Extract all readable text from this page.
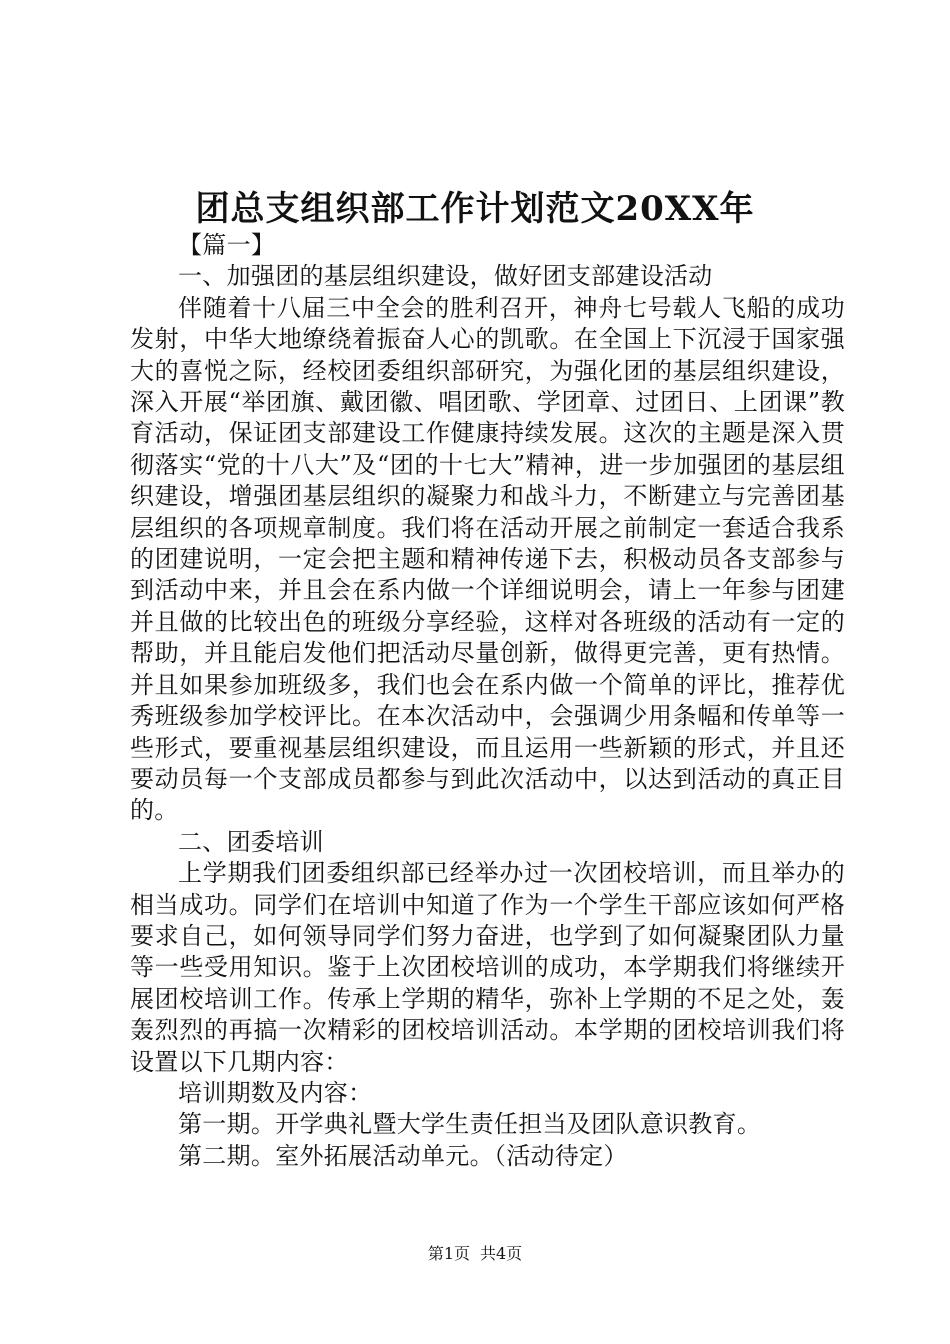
团总支组织部工作计划范文20XX年

【篇一】

一、加强团的基层组织建设，做好团支部建设活动

伴随着十八届三中全会的胜利召开，神舟七号载人飞船的成功发射，中华大地缭绕着振奋人心的凯歌。在全国上下沉浸于国家强大的喜悦之际，经校团委组织部研究，为强化团的基层组织建设，深入开展“举团旗、戴团徽、唱团歌、学团章、过团日、上团课”教育活动，保证团支部建设工作健康持续发展。这次的主题是深入贯彻落实“党的十八大”及“团的十七大”精神，进一步加强团的基层组织建设，增强团基层组织的凝聚力和战斗力，不断建立与完善团基层组织的各项规章制度。我们将在活动开展之前制定一套适合我系的团建说明，一定会把主题和精神传递下去，积极动员各支部参与到活动中来，并且会在系内做一个详细说明会，请上一年参与团建并且做的比较出色的班级分享经验，这样对各班级的活动有一定的帮助，并且能启发他们把活动尽量创新，做得更完善，更有热情。并且如果参加班级多，我们也会在系内做一个简单的评比，推荐优秀班级参加学校评比。在本次活动中，会强调少用条幅和传单等一些形式，要重视基层组织建设，而且运用一些新颖的形式，并且还要动员每一个支部成员都参与到此次活动中，以达到活动的真正目的。

二、团委培训

上学期我们团委组织部已经举办过一次团校培训，而且举办的相当成功。同学们在培训中知道了作为一个学生干部应该如何严格要求自己，如何领导同学们努力奋进，也学到了如何凝聚团队力量等一些受用知识。鉴于上次团校培训的成功，本学期我们将继续开展团校培训工作。传承上学期的精华，弥补上学期的不足之处，轰轰烈烈的再搞一次精彩的团校培训活动。本学期的团校培训我们将设置以下几期内容：

培训期数及内容：

第一期。开学典礼暨大学生责任担当及团队意识教育。

第二期。室外拓展活动单元。（活动待定）

第1页 共4页
